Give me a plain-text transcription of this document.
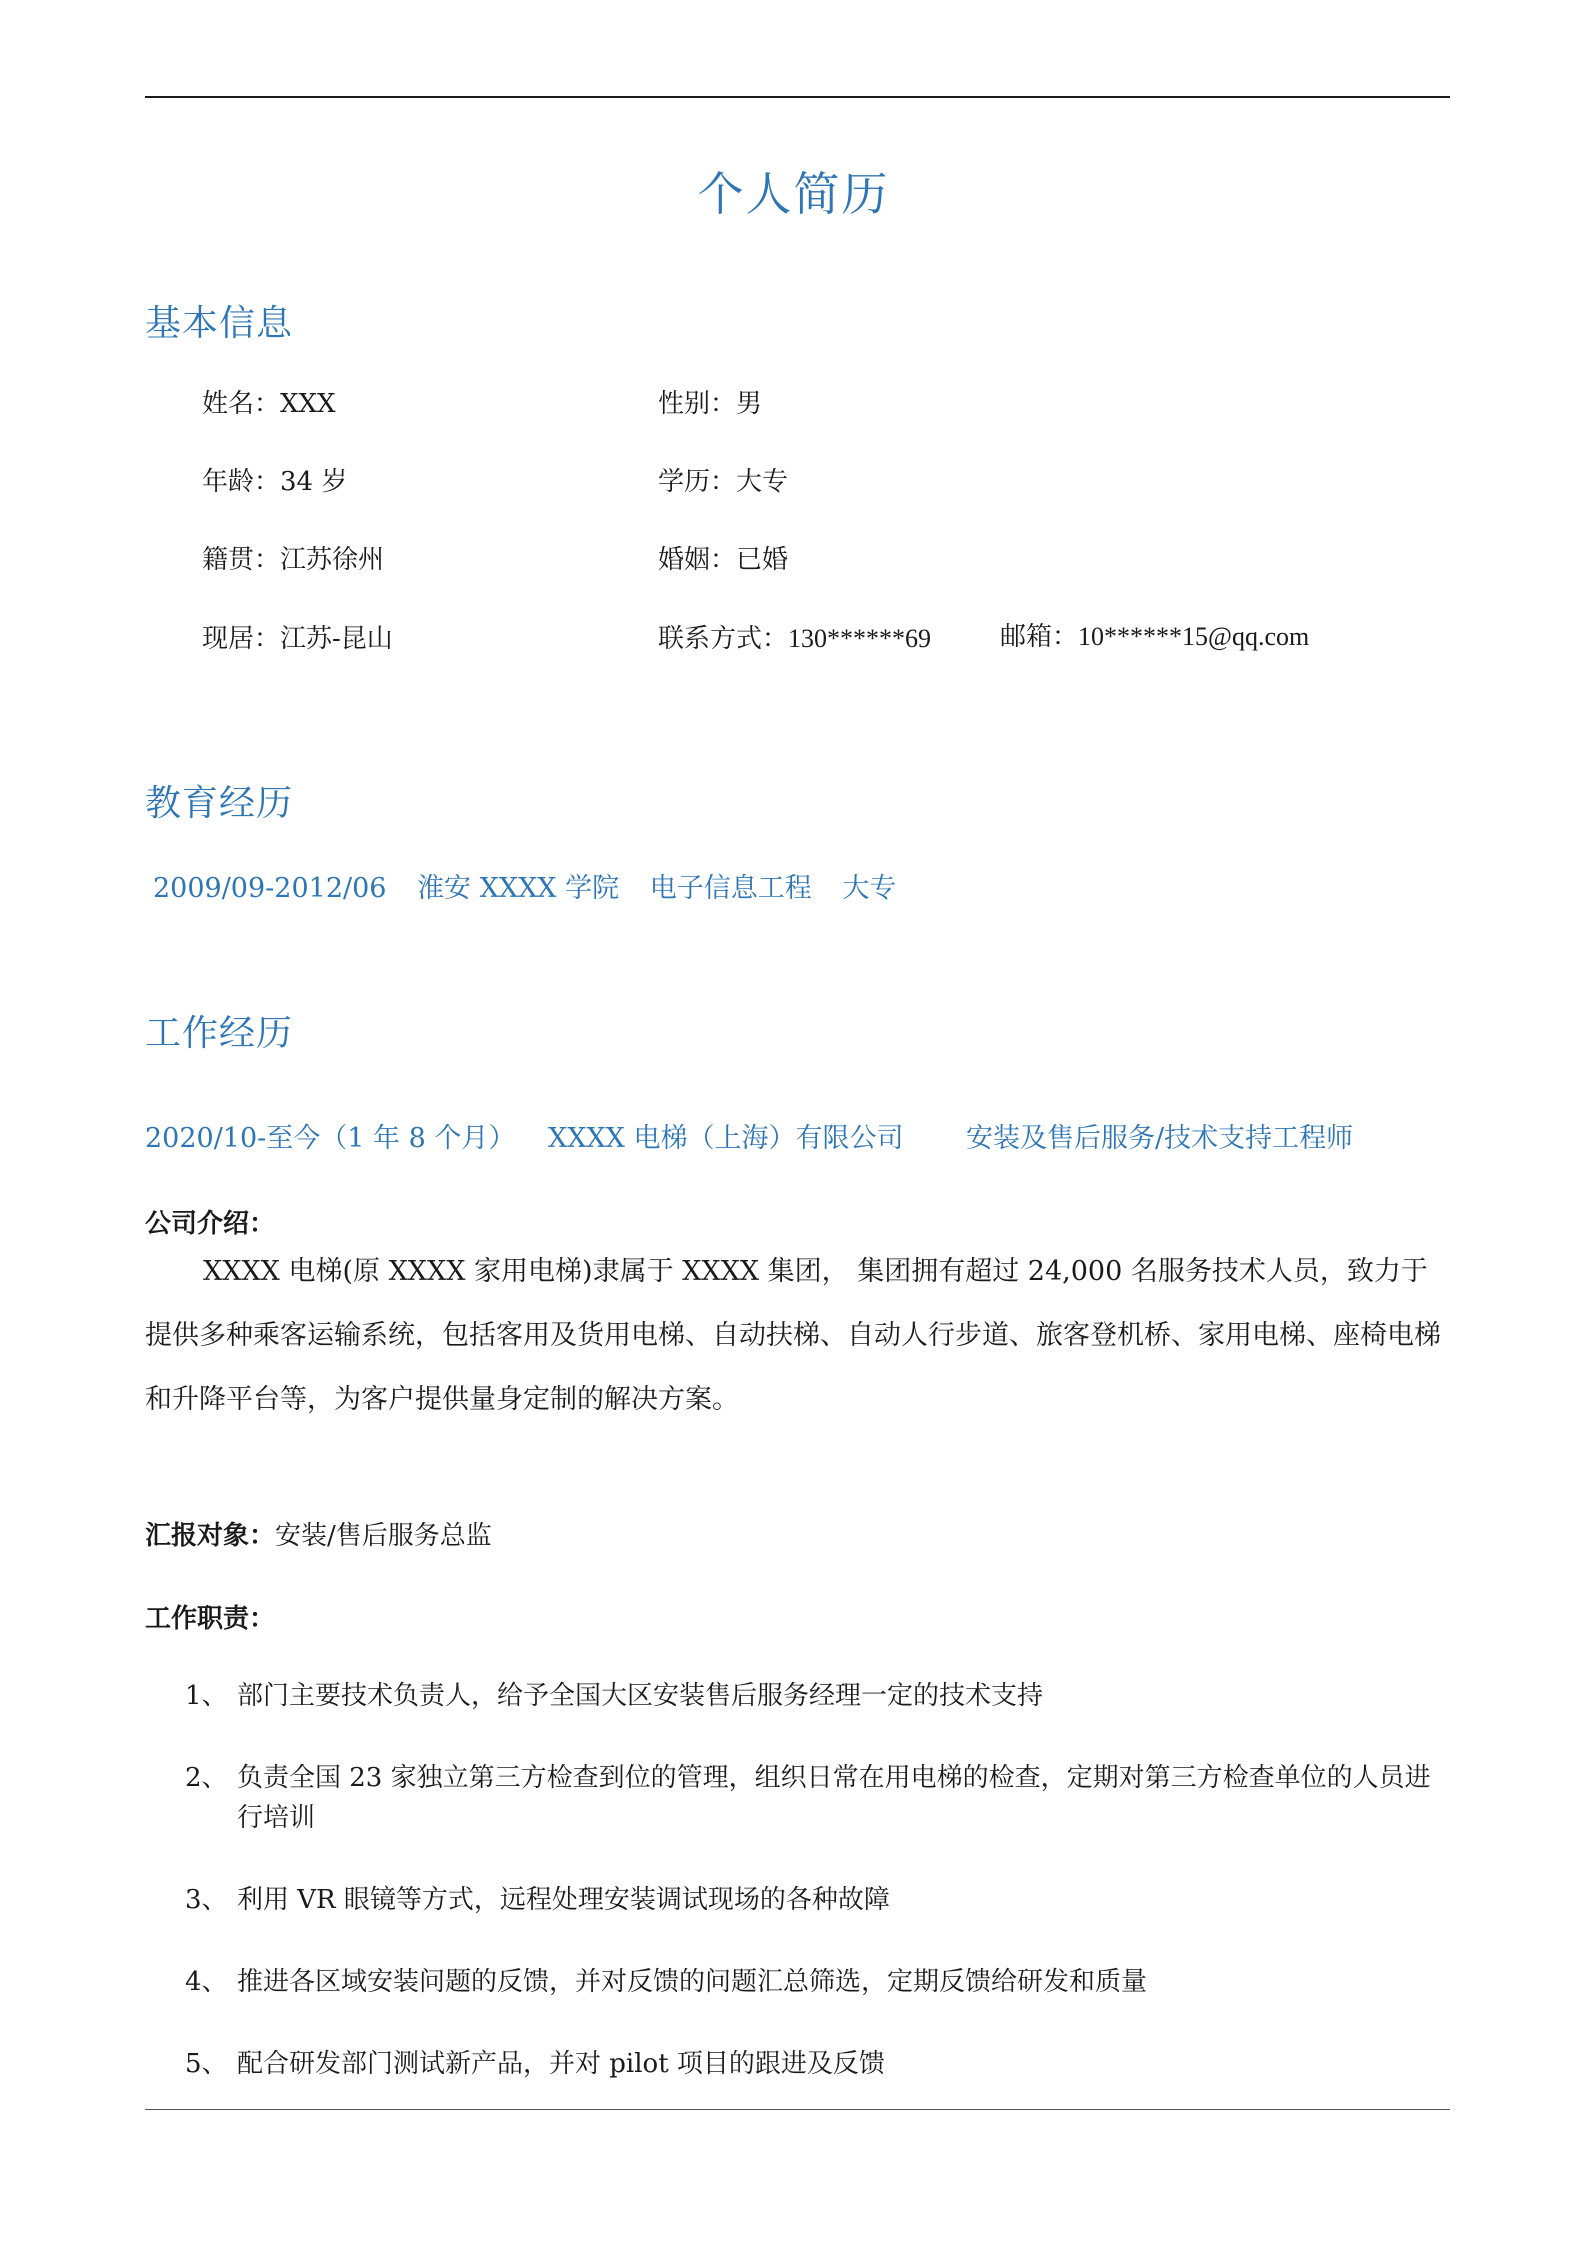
个人简历
基本信息
姓名：XXX	性别：男
年龄：34 岁	学历：大专
籍贯：江苏徐州	婚姻：已婚
现居：江苏-昆山	联系方式：130******69	邮箱：10******15@qq.com
教育经历
2009/09-2012/06 淮安 XXXX 学院 电子信息工程 大专
工作经历
2020/10-至今（1 年 8 个月） XXXX 电梯（上海）有限公司 安装及售后服务/技术支持工程师
公司介绍：

XXXX 电梯(原 XXXX 家用电梯)隶属于 XXXX 集团， 集团拥有超过 24,000 名服务技术人员，致力于提供多种乘客运输系统，包括客用及货用电梯、自动扶梯、自动人行步道、旅客登机桥、家用电梯、座椅电梯和升降平台等，为客户提供量身定制的解决方案。

汇报对象：安装/售后服务总监
工作职责：
1、 部门主要技术负责人，给予全国大区安装售后服务经理一定的技术支持
2、 负责全国 23 家独立第三方检查到位的管理，组织日常在用电梯的检查，定期对第三方检查单位的人员进行培训
3、 利用 VR 眼镜等方式，远程处理安装调试现场的各种故障
4、 推进各区域安装问题的反馈，并对反馈的问题汇总筛选，定期反馈给研发和质量
5、 配合研发部门测试新产品，并对 pilot 项目的跟进及反馈
